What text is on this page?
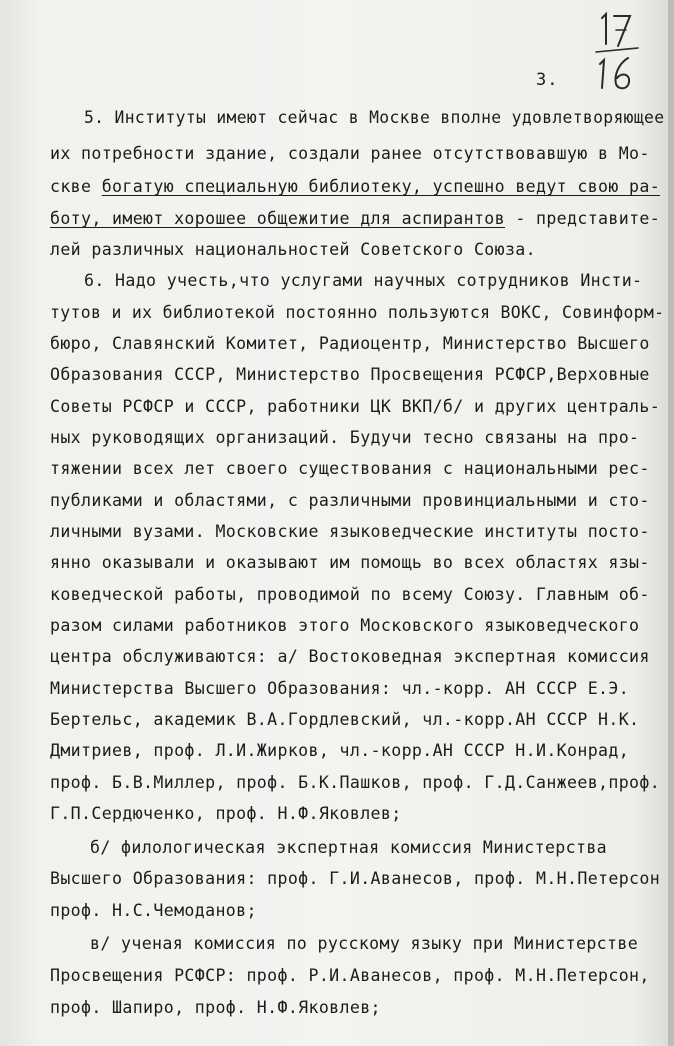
3.
5. Институты имеют сейчас в Москве вполне удовлетворяющее
их потребности здание, создали ранее отсутствовавшую в Мо-
скве богатую специальную библиотеку, успешно ведут свою ра-
боту, имеют хорошее общежитие для аспирантов - представите-
лей различных национальностей Советского Союза.
6. Надо учесть,что услугами научных сотрудников Инсти-
тутов и их библиотекой постоянно пользуются ВОКС, Совинформ-
бюро, Славянский Комитет, Радиоцентр, Министерство Высшего
Образования СССР, Министерство Просвещения РСФСР,Верховные
Советы РСФСР и СССР, работники ЦК ВКП/б/ и других централь-
ных руководящих организаций. Будучи тесно связаны на про-
тяжении всех лет своего существования с национальными рес-
публиками и областями, с различными провинциальными и сто-
личными вузами. Московские языковедческие институты посто-
янно оказывали и оказывают им помощь во всех областях язы-
коведческой работы, проводимой по всему Союзу. Главным об-
разом силами работников этого Московского языковедческого
центра обслуживаются: а/ Востоковедная экспертная комиссия
Министерства Высшего Образования: чл.-корр. АН СССР Е.Э.
Бертельс, академик В.А.Гордлевский, чл.-корр.АН СССР Н.К.
Дмитриев, проф. Л.И.Жирков, чл.-корр.АН СССР Н.И.Конрад,
проф. Б.В.Миллер, проф. Б.К.Пашков, проф. Г.Д.Санжеев,проф.
Г.П.Сердюченко, проф. Н.Ф.Яковлев;
б/ филологическая экспертная комиссия Министерства
Высшего Образования: проф. Г.И.Аванесов, проф. М.Н.Петерсон
проф. Н.С.Чемоданов;
в/ ученая комиссия по русскому языку при Министерстве
Просвещения РСФСР: проф. Р.И.Аванесов, проф. М.Н.Петерсон,
проф. Шапиро, проф. Н.Ф.Яковлев;
